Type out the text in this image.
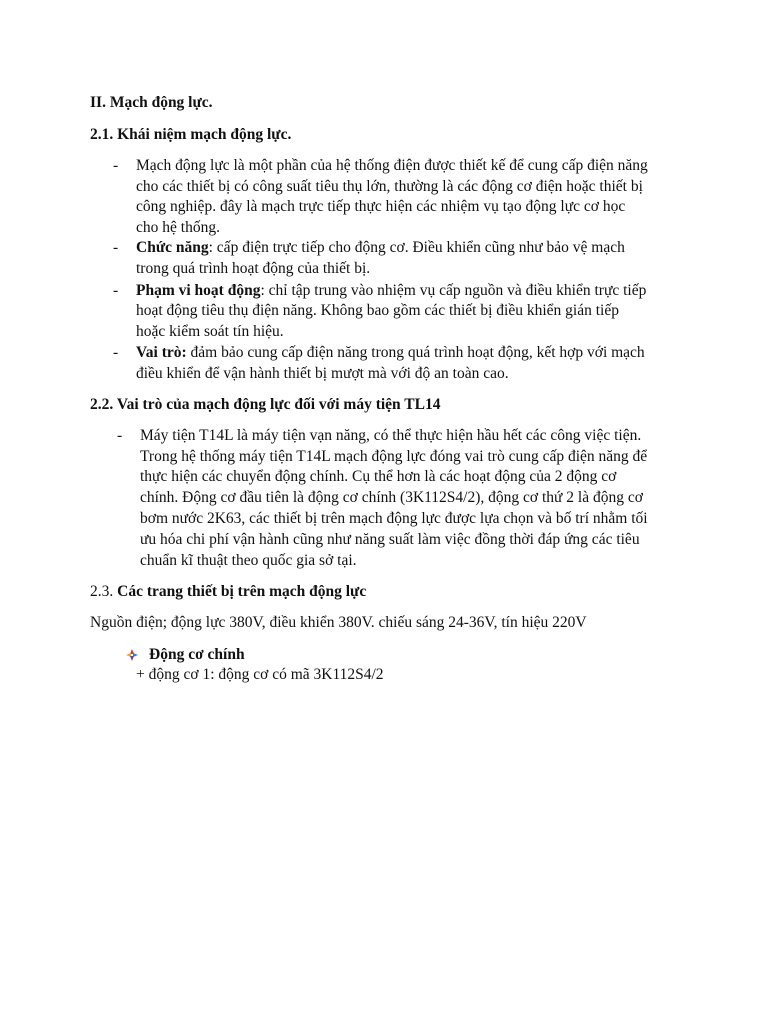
II. Mạch động lực.
2.1. Khái niệm mạch động lực.
- Mạch động lực là một phần của hệ thống điện được thiết kế để cung cấp điện năng
cho các thiết bị có công suất tiêu thụ lớn, thường là các động cơ điện hoặc thiết bị
công nghiệp. đây là mạch trực tiếp thực hiện các nhiệm vụ tạo động lực cơ học
cho hệ thống.
- Chức năng: cấp điện trực tiếp cho động cơ. Điều khiển cũng như bảo vệ mạch
trong quá trình hoạt động của thiết bị.
- Phạm vi hoạt động: chỉ tập trung vào nhiệm vụ cấp nguồn và điều khiển trực tiếp
hoạt động tiêu thụ điện năng. Không bao gồm các thiết bị điều khiển gián tiếp
hoặc kiểm soát tín hiệu.
- Vai trò: đảm bảo cung cấp điện năng trong quá trình hoạt động, kết hợp với mạch
điều khiển để vận hành thiết bị mượt mà với độ an toàn cao.
2.2. Vai trò của mạch động lực đối với máy tiện TL14
- Máy tiện T14L là máy tiện vạn năng, có thể thực hiện hầu hết các công việc tiện.
Trong hệ thống máy tiện T14L mạch động lực đóng vai trò cung cấp điện năng để
thực hiện các chuyển động chính. Cụ thể hơn là các hoạt động của 2 động cơ
chính. Động cơ đầu tiên là động cơ chính (3K112S4/2), động cơ thứ 2 là động cơ
bơm nước 2K63, các thiết bị trên mạch động lực được lựa chọn và bố trí nhằm tối
ưu hóa chi phí vận hành cũng như năng suất làm việc đồng thời đáp ứng các tiêu
chuẩn kĩ thuật theo quốc gia sở tại.
2.3. Các trang thiết bị trên mạch động lực
Nguồn điện; động lực 380V, điều khiển 380V. chiếu sáng 24-36V, tín hiệu 220V
Động cơ chính
+ động cơ 1: động cơ có mã 3K112S4/2
